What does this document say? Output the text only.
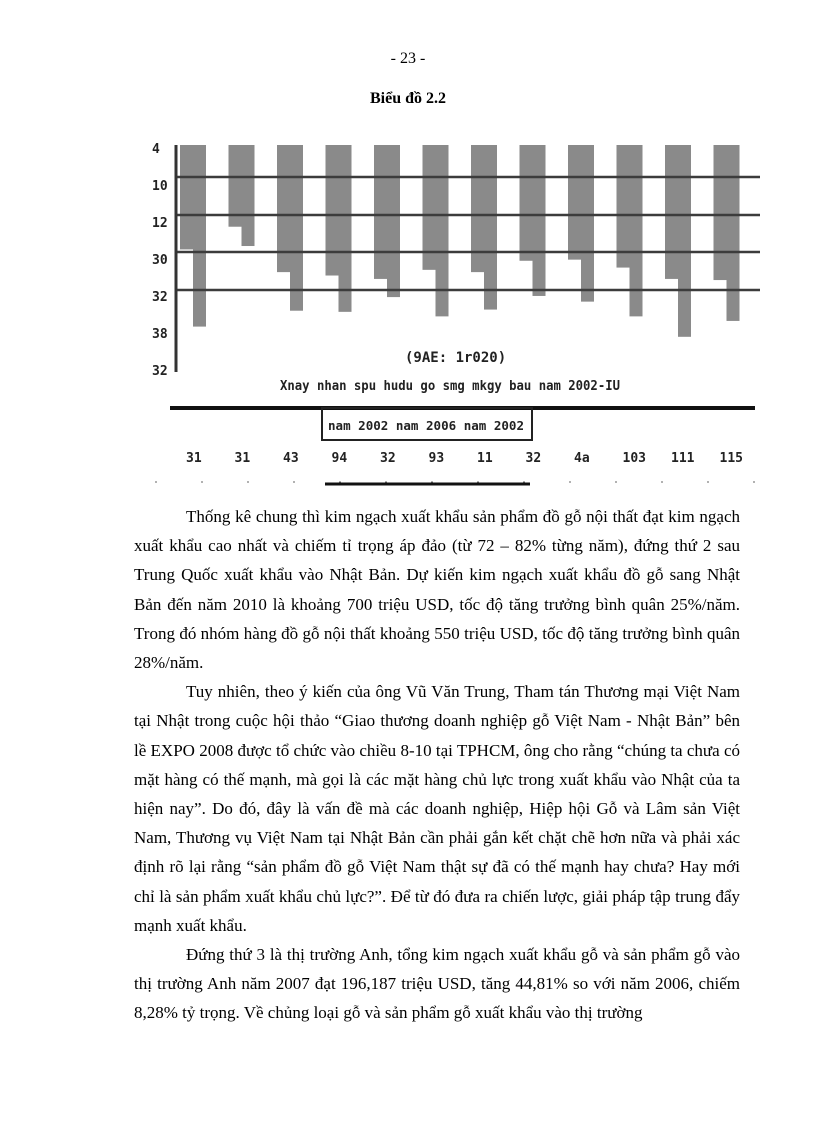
- 23 -
Biểu đồ 2.2
4
10
12
30
32
38
32
(9AE: 1r020)
Xnay nhan spu hudu go smg mkgy bau nam 2002-IU
nam 2002 nam 2006 nam 2002
31	31	43	94	32	93	11	32	4a	103 111 115

Thống kê chung thì kim ngạch xuất khẩu sản phẩm đồ gỗ nội thất đạt kim ngạch xuất khẩu cao nhất và chiếm tỉ trọng áp đảo (từ 72 – 82% từng năm), đứng thứ 2 sau Trung Quốc xuất khẩu vào Nhật Bản. Dự kiến kim ngạch xuất khẩu đồ gỗ sang Nhật Bản đến năm 2010 là khoảng 700 triệu USD, tốc độ tăng trưởng bình quân 25%/năm. Trong đó nhóm hàng đồ gỗ nội thất khoảng 550 triệu USD, tốc độ tăng trưởng bình quân 28%/năm.

Tuy nhiên, theo ý kiến của ông Vũ Văn Trung, Tham tán Thương mại Việt Nam tại Nhật trong cuộc hội thảo “Giao thương doanh nghiệp gỗ Việt Nam - Nhật Bản” bên lề EXPO 2008 được tổ chức vào chiều 8-10 tại TPHCM, ông cho rằng “chúng ta chưa có mặt hàng có thế mạnh, mà gọi là các mặt hàng chủ lực trong xuất khẩu vào Nhật của ta hiện nay”. Do đó, đây là vấn đề mà các doanh nghiệp, Hiệp hội Gỗ và Lâm sản Việt Nam, Thương vụ Việt Nam tại Nhật Bản cần phải gắn kết chặt chẽ hơn nữa và phải xác định rõ lại rằng “sản phẩm đồ gỗ Việt Nam thật sự đã có thế mạnh hay chưa? Hay mới chỉ là sản phẩm xuất khẩu chủ lực?”. Để từ đó đưa ra chiến lược, giải pháp tập trung đẩy mạnh xuất khẩu.

Đứng thứ 3 là thị trường Anh, tổng kim ngạch xuất khẩu gỗ và sản phẩm gỗ vào thị trường Anh năm 2007 đạt 196,187 triệu USD, tăng 44,81% so với năm 2006, chiếm 8,28% tỷ trọng. Về chủng loại gỗ và sản phẩm gỗ xuất khẩu vào thị trường
